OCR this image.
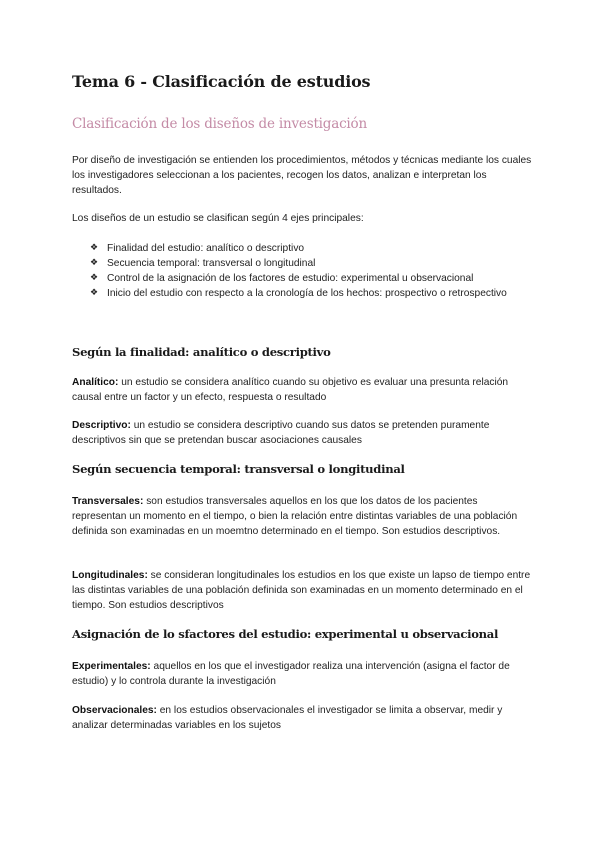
Tema 6 - Clasificación de estudios
Clasificación de los diseños de investigación
Por diseño de investigación se entienden los procedimientos, métodos y técnicas mediante los cuales los investigadores seleccionan a los pacientes, recogen los datos, analizan e interpretan los resultados.
Los diseños de un estudio se clasifican según 4 ejes principales:
❖ Finalidad del estudio: analítico o descriptivo
❖ Secuencia temporal: transversal o longitudinal
❖ Control de la asignación de los factores de estudio: experimental u observacional
❖ Inicio del estudio con respecto a la cronología de los hechos: prospectivo o retrospectivo
Según la finalidad: analítico o descriptivo
Analítico: un estudio se considera analítico cuando su objetivo es evaluar una presunta relación causal entre un factor y un efecto, respuesta o resultado
Descriptivo: un estudio se considera descriptivo cuando sus datos se pretenden puramente descriptivos sin que se pretendan buscar asociaciones causales
Según secuencia temporal: transversal o longitudinal
Transversales: son estudios transversales aquellos en los que los datos de los pacientes representan un momento en el tiempo, o bien la relación entre distintas variables de una población definida son examinadas en un moemtno determinado en el tiempo. Son estudios descriptivos.
Longitudinales: se consideran longitudinales los estudios en los que existe un lapso de tiempo entre las distintas variables de una población definida son examinadas en un momento determinado en el tiempo. Son estudios descriptivos
Asignación de lo sfactores del estudio: experimental u observacional
Experimentales: aquellos en los que el investigador realiza una intervención (asigna el factor de estudio) y lo controla durante la investigación
Observacionales: en los estudios observacionales el investigador se limita a observar, medir y analizar determinadas variables en los sujetos
